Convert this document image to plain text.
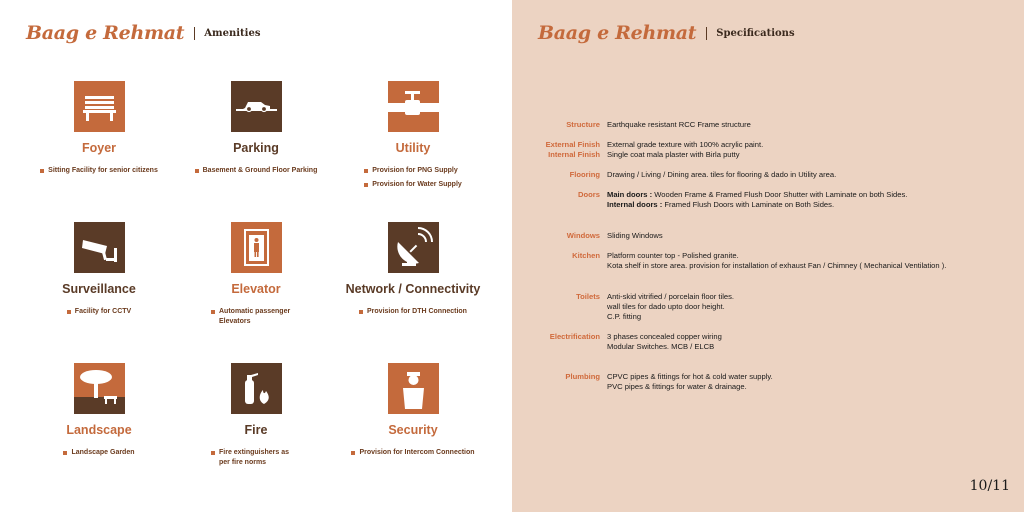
Baag e Rehmat Amenities	Baag e Rehmat Specifications
Foyer
Sitting Facility for senior citizens
Parking
Basement & Ground Floor Parking
Utility
Provision for PNG Supply
Provision for Water Supply
Surveillance
Facility for CCTV
Elevator
Automatic passenger Elevators
Network / Connectivity
Provision for DTH Connection
Landscape
Landscape Garden
Fire
Fire extinguishers as per fire norms
Security
Provision for Intercom Connection
Structure Earthquake resistant RCC Frame structure
External Finish
Internal Finish
External grade texture with 100% acrylic paint.
Single coat mala plaster with Birla putty
Flooring Drawing / Living / Dining area. tiles for flooring & dado in Utility area.
Doors Main doors : Wooden Frame & Framed Flush Door Shutter with Laminate on both Sides.
Internal doors : Framed Flush Doors with Laminate on Both Sides.
Windows Sliding Windows
Kitchen Platform counter top - Polished granite.
Kota shelf in store area. provision for installation of exhaust Fan / Chimney ( Mechanical Ventilation ).
Toilets Anti-skid vitrified / porcelain floor tiles.
wall tiles for dado upto door height.
C.P. fitting
Electrification 3 phases concealed copper wiring
Modular Switches. MCB / ELCB
Plumbing CPVC pipes & fittings for hot & cold water supply.
PVC pipes & fittings for water & drainage.
10/11
